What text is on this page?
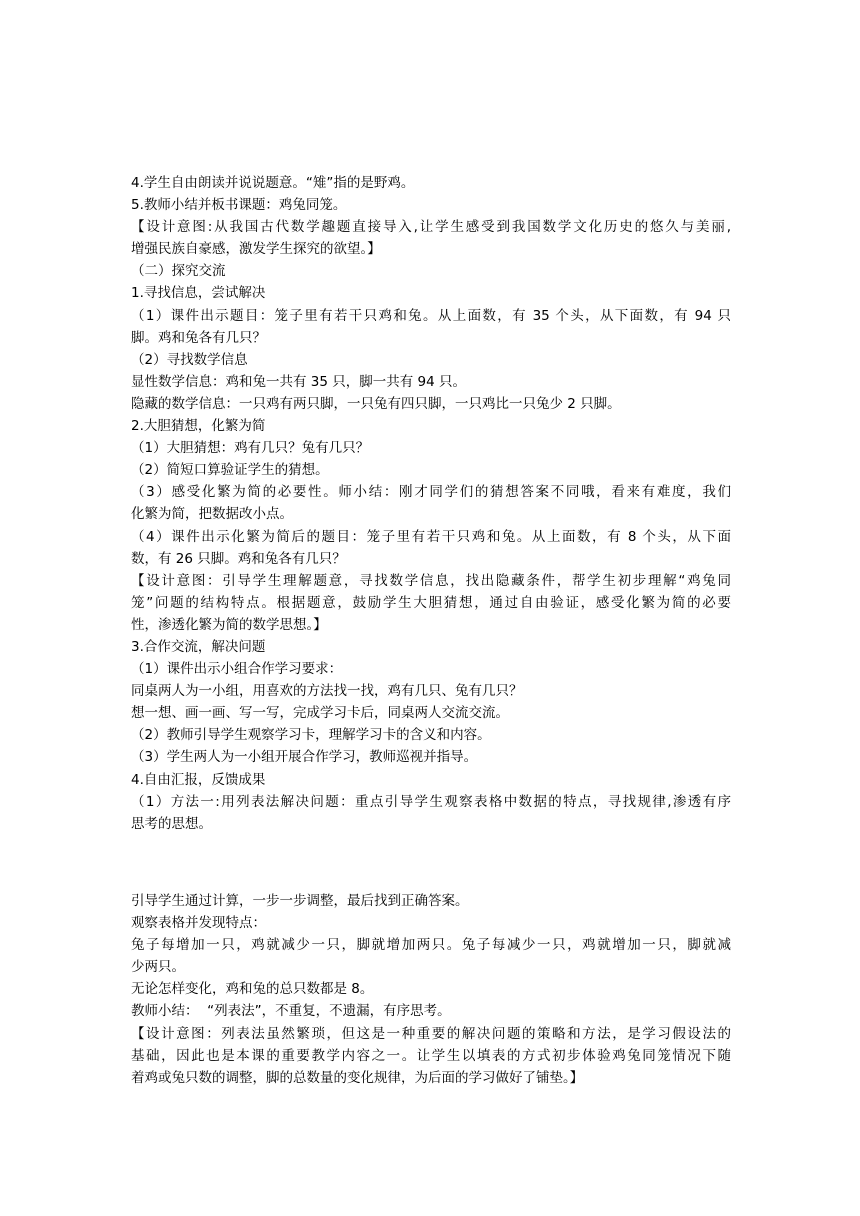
4.学生自由朗读并说说题意。“雉”指的是野鸡。
5.教师小结并板书课题：鸡兔同笼。
【设计意图:从我国古代数学趣题直接导入,让学生感受到我国数学文化历史的悠久与美丽,
增强民族自豪感，激发学生探究的欲望。】
（二）探究交流
1.寻找信息，尝试解决
（1）课件出示题目：笼子里有若干只鸡和兔。从上面数，有 35 个头，从下面数，有 94 只
脚。鸡和兔各有几只？
（2）寻找数学信息
显性数学信息：鸡和兔一共有 35 只，脚一共有 94 只。
隐藏的数学信息：一只鸡有两只脚，一只兔有四只脚，一只鸡比一只兔少 2 只脚。
2.大胆猜想，化繁为简
（1）大胆猜想：鸡有几只？兔有几只？
（2）简短口算验证学生的猜想。
（3）感受化繁为简的必要性。师小结：刚才同学们的猜想答案不同哦，看来有难度，我们
化繁为简，把数据改小点。
（4）课件出示化繁为简后的题目：笼子里有若干只鸡和兔。从上面数，有 8 个头，从下面
数，有 26 只脚。鸡和兔各有几只？
【设计意图：引导学生理解题意，寻找数学信息，找出隐藏条件，帮学生初步理解“鸡兔同
笼”问题的结构特点。根据题意，鼓励学生大胆猜想，通过自由验证，感受化繁为简的必要
性，渗透化繁为简的数学思想。】
3.合作交流，解决问题
（1）课件出示小组合作学习要求：
同桌两人为一小组，用喜欢的方法找一找，鸡有几只、兔有几只？
想一想、画一画、写一写，完成学习卡后，同桌两人交流交流。
（2）教师引导学生观察学习卡，理解学习卡的含义和内容。
（3）学生两人为一小组开展合作学习，教师巡视并指导。
4.自由汇报，反馈成果
（1）方法一:用列表法解决问题：重点引导学生观察表格中数据的特点，寻找规律,渗透有序
思考的思想。
引导学生通过计算，一步一步调整，最后找到正确答案。
观察表格并发现特点：
兔子每增加一只，鸡就减少一只，脚就增加两只。兔子每减少一只，鸡就增加一只，脚就减
少两只。
无论怎样变化，鸡和兔的总只数都是 8。
教师小结：  “列表法”，不重复，不遗漏，有序思考。
【设计意图：列表法虽然繁琐，但这是一种重要的解决问题的策略和方法，是学习假设法的
基础，因此也是本课的重要教学内容之一。让学生以填表的方式初步体验鸡兔同笼情况下随
着鸡或兔只数的调整，脚的总数量的变化规律，为后面的学习做好了铺垫。】
